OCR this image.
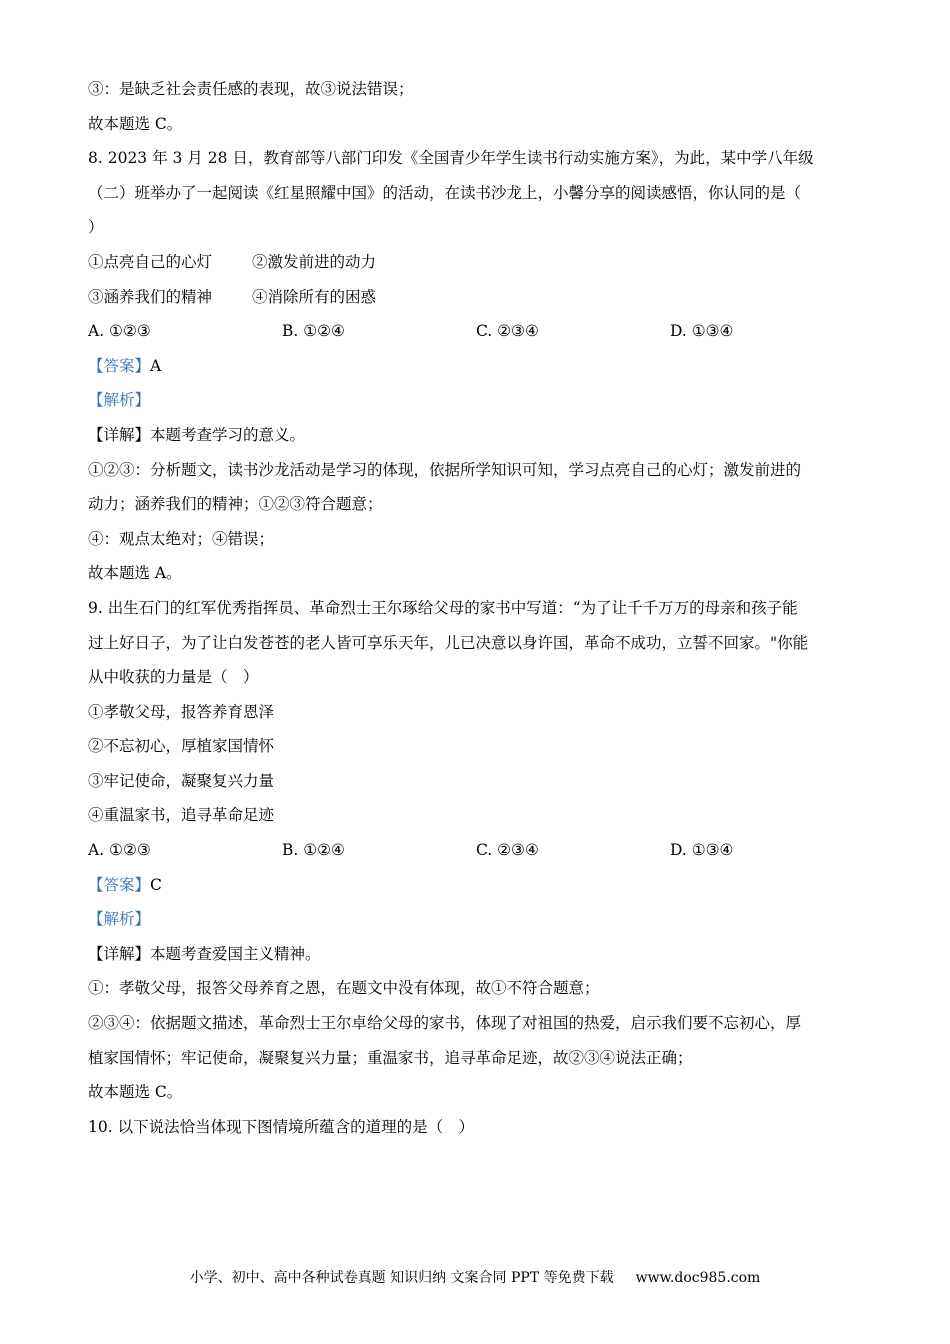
③：是缺乏社会责任感的表现，故③说法错误；
故本题选 C。
8. 2023 年 3 月 28 日，教育部等八部门印发《全国青少年学生读书行动实施方案》，为此，某中学八年级
（二）班举办了一起阅读《红星照耀中国》的活动，在读书沙龙上，小馨分享的阅读感悟，你认同的是（
）
①点亮自己的心灯	②激发前进的动力
③涵养我们的精神	④消除所有的困惑
A. ①②③	B. ①②④	C. ②③④	D. ①③④
【答案】A
【解析】
【详解】本题考查学习的意义。
①②③：分析题文，读书沙龙活动是学习的体现，依据所学知识可知，学习点亮自己的心灯；激发前进的
动力；涵养我们的精神；①②③符合题意；
④：观点太绝对；④错误；
故本题选 A。
9. 出生石门的红军优秀指挥员、革命烈士王尔琢给父母的家书中写道：“为了让千千万万的母亲和孩子能
过上好日子，为了让白发苍苍的老人皆可享乐天年，儿已决意以身许国，革命不成功，立誓不回家。"你能
从中收获的力量是（　）
①孝敬父母，报答养育恩泽
②不忘初心，厚植家国情怀
③牢记使命，凝聚复兴力量
④重温家书，追寻革命足迹
A. ①②③	B. ①②④	C. ②③④	D. ①③④
【答案】C
【解析】
【详解】本题考查爱国主义精神。
①：孝敬父母，报答父母养育之恩，在题文中没有体现，故①不符合题意；
②③④：依据题文描述，革命烈士王尔卓给父母的家书，体现了对祖国的热爱，启示我们要不忘初心，厚
植家国情怀；牢记使命，凝聚复兴力量；重温家书，追寻革命足迹，故②③④说法正确；
故本题选 C。
10. 以下说法恰当体现下图情境所蕴含的道理的是（　）
小学、初中、高中各种试卷真题 知识归纳 文案合同 PPT 等免费下载 www.doc985.com
